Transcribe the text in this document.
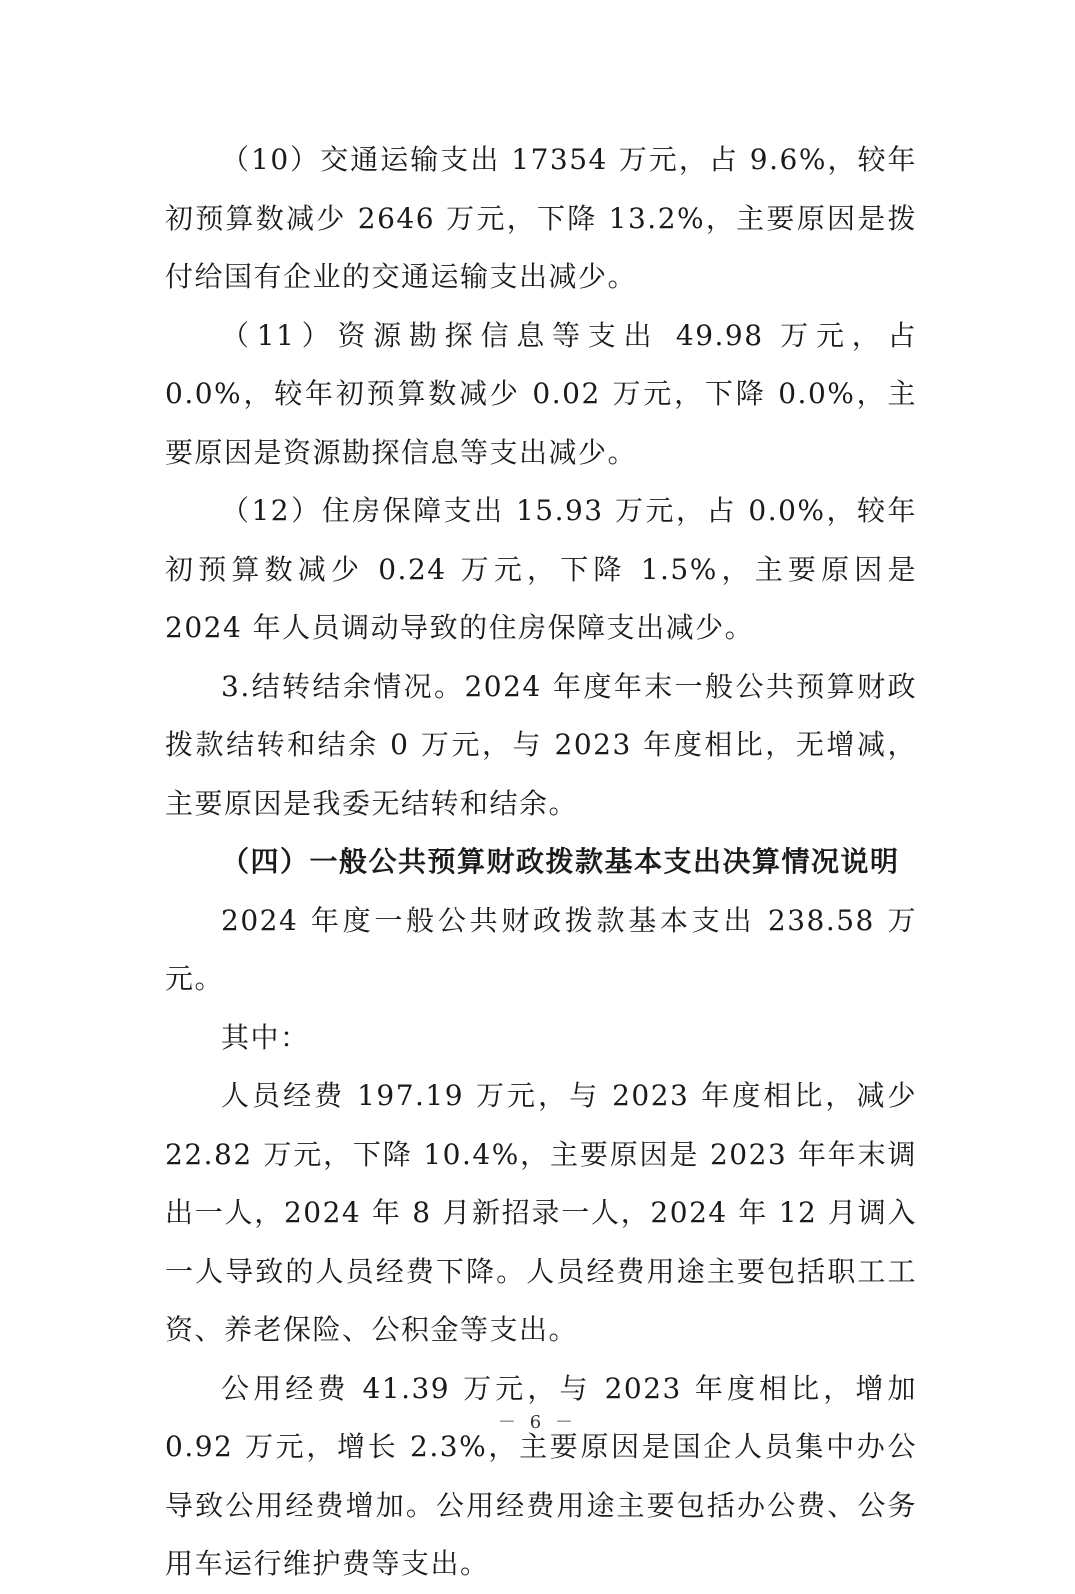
（10）交通运输支出 17354 万元，占 9.6%，较年初预算数减少 2646 万元，下降 13.2%，主要原因是拨付给国有企业的交通运输支出减少。

（11）资源勘探信息等支出 49.98 万元，占 0.0%，较年初预算数减少 0.02 万元，下降 0.0%，主要原因是资源勘探信息等支出减少。

（12）住房保障支出 15.93 万元，占 0.0%，较年初预算数减少 0.24 万元，下降 1.5%，主要原因是 2024 年人员调动导致的住房保障支出减少。

3.结转结余情况。2024 年度年末一般公共预算财政拨款结转和结余 0 万元，与 2023 年度相比，无增减，主要原因是我委无结转和结余。

（四）一般公共预算财政拨款基本支出决算情况说明

2024 年度一般公共财政拨款基本支出 238.58 万元。

其中：

人员经费 197.19 万元，与 2023 年度相比，减少 22.82 万元，下降 10.4%，主要原因是 2023 年年末调出一人，2024 年 8 月新招录一人，2024 年 12 月调入一人导致的人员经费下降。人员经费用途主要包括职工工资、养老保险、公积金等支出。

公用经费 41.39 万元，与 2023 年度相比，增加 0.92 万元，增长 2.3%，主要原因是国企人员集中办公导致公用经费增加。公用经费用途主要包括办公费、公务用车运行维护费等支出。

－ 6 －
